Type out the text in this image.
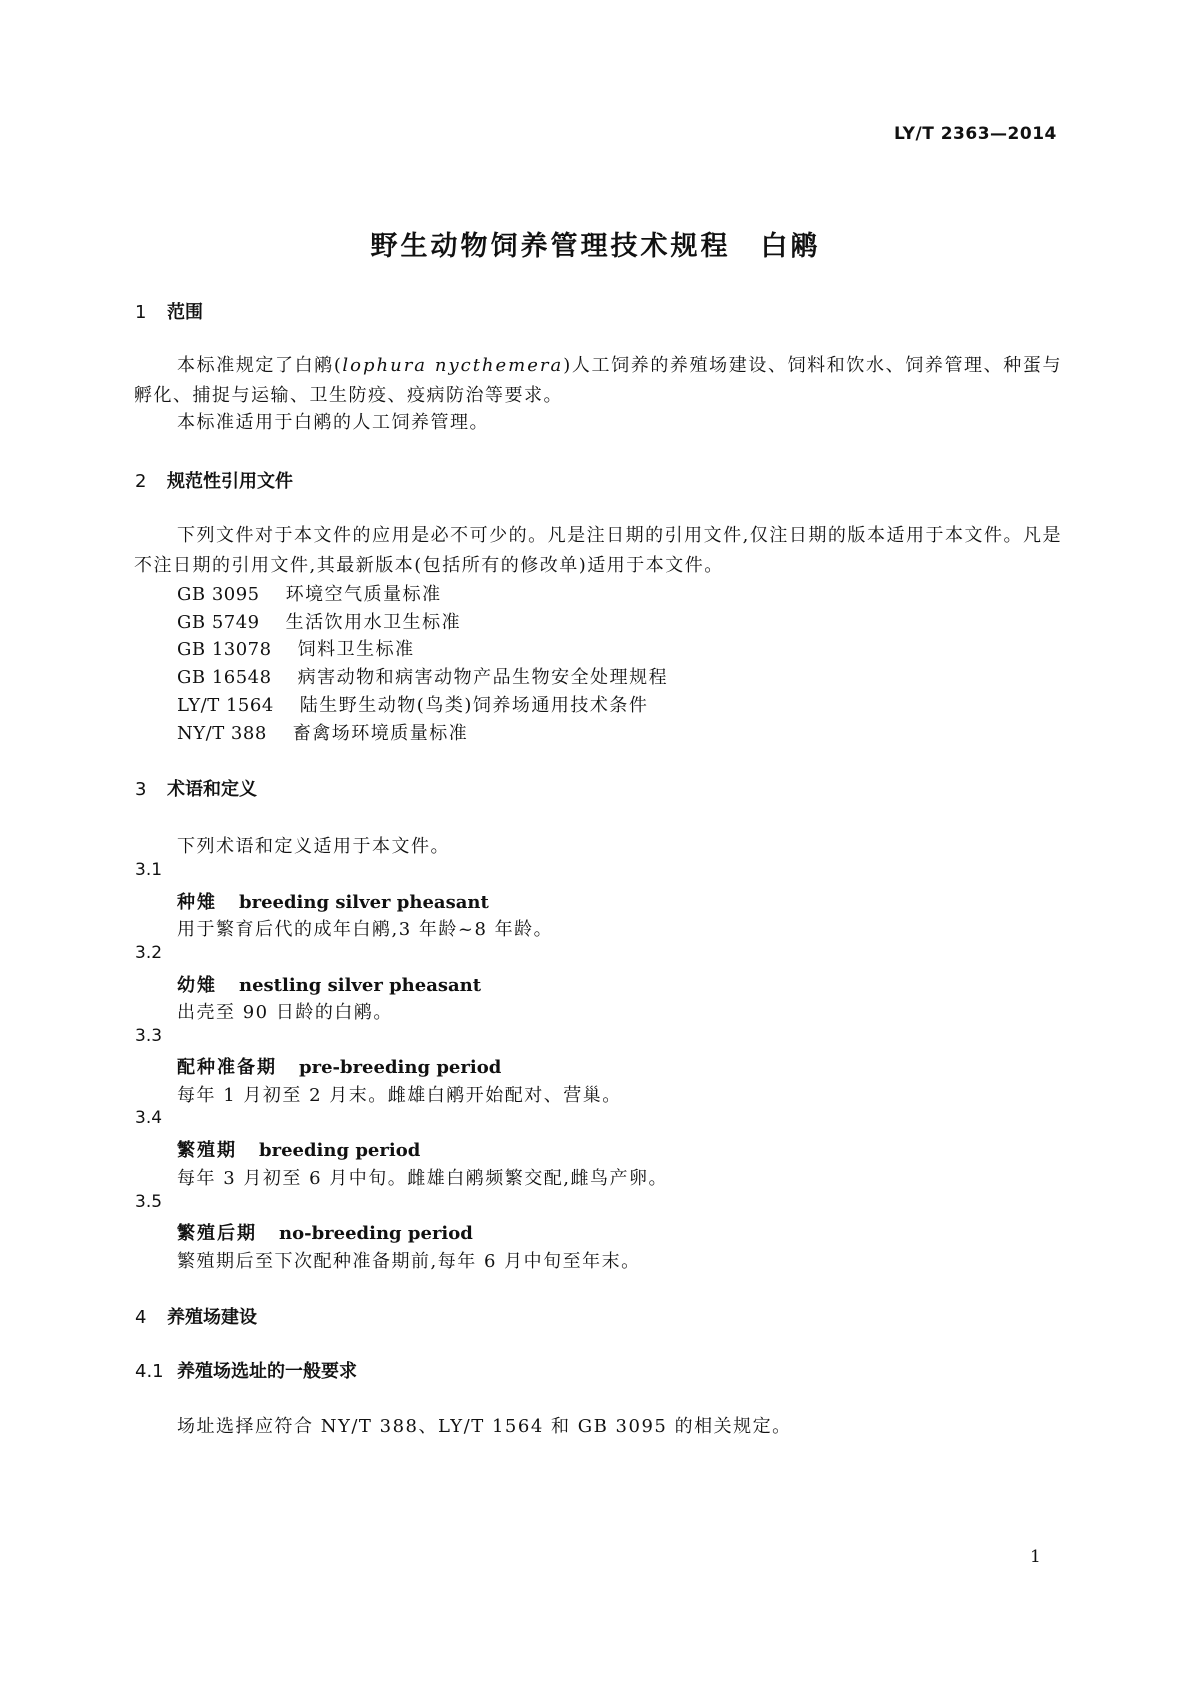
LY/T 2363—2014
野生动物饲养管理技术规程 白鹇
1 范围
本标准规定了白鹇(lophura nycthemera)人工饲养的养殖场建设、饲料和饮水、饲养管理、种蛋与孵化、捕捉与运输、卫生防疫、疫病防治等要求。
本标准适用于白鹇的人工饲养管理。
2 规范性引用文件
下列文件对于本文件的应用是必不可少的。凡是注日期的引用文件,仅注日期的版本适用于本文件。凡是不注日期的引用文件,其最新版本(包括所有的修改单)适用于本文件。
GB 3095 环境空气质量标准
GB 5749 生活饮用水卫生标准
GB 13078 饲料卫生标准
GB 16548 病害动物和病害动物产品生物安全处理规程
LY/T 1564 陆生野生动物(鸟类)饲养场通用技术条件
NY/T 388 畜禽场环境质量标准
3 术语和定义
下列术语和定义适用于本文件。
3.1
种雉 breeding silver pheasant
用于繁育后代的成年白鹇,3 年龄~8 年龄。
3.2
幼雉 nestling silver pheasant
出壳至 90 日龄的白鹇。
3.3
配种准备期 pre-breeding period
每年 1 月初至 2 月末。雌雄白鹇开始配对、营巢。
3.4
繁殖期 breeding period
每年 3 月初至 6 月中旬。雌雄白鹇频繁交配,雌鸟产卵。
3.5
繁殖后期 no-breeding period
繁殖期后至下次配种准备期前,每年 6 月中旬至年末。
4 养殖场建设
4.1 养殖场选址的一般要求
场址选择应符合 NY/T 388、LY/T 1564 和 GB 3095 的相关规定。
1
